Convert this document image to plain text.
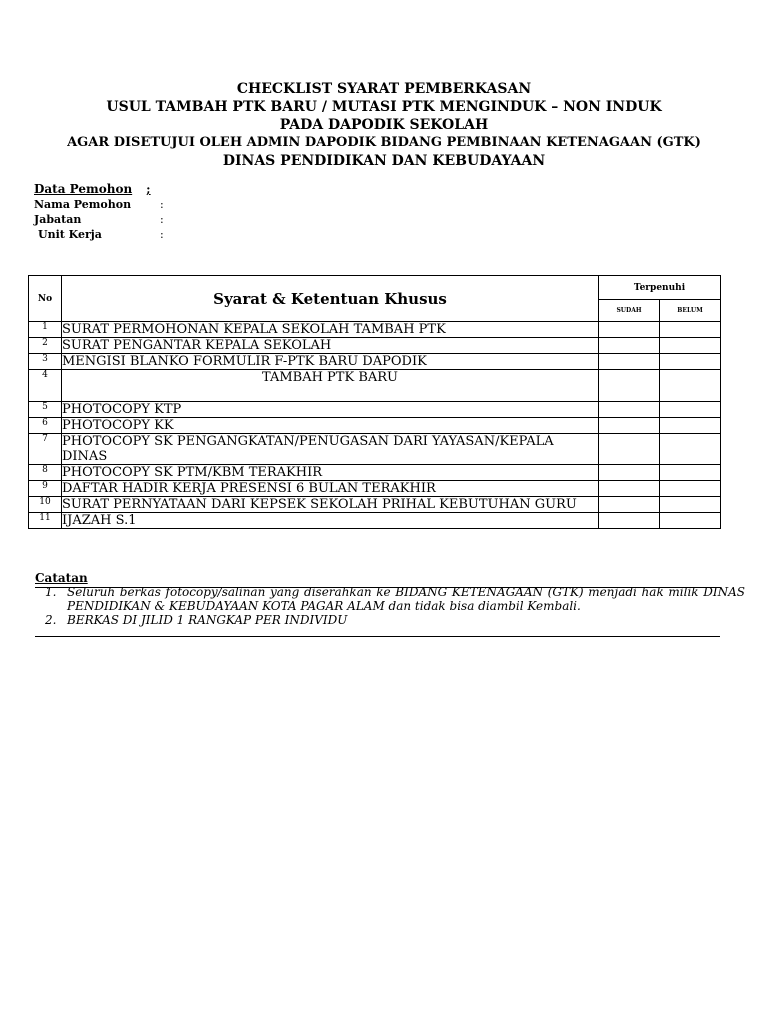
CHECKLIST SYARAT PEMBERKASAN
USUL TAMBAH PTK BARU / MUTASI PTK MENGINDUK – NON INDUK
PADA DAPODIK SEKOLAH
AGAR DISETUJUI OLEH ADMIN DAPODIK BIDANG PEMBINAAN KETENAGAAN (GTK)
DINAS PENDIDIKAN DAN KEBUDAYAAN
Data Pemohon ;
Nama Pemohon	:
Jabatan	:
Unit Kerja	:
No	Syarat & Ketentuan Khusus	Terpenuhi	
		SUDAH	BELUM
1	SURAT PERMOHONAN KEPALA SEKOLAH TAMBAH PTK		
2	SURAT PENGANTAR KEPALA SEKOLAH		
3	MENGISI BLANKO FORMULIR F-PTK BARU DAPODIK		
4	TAMBAH PTK BARU		
5	PHOTOCOPY KTP		
6	PHOTOCOPY KK		
7	PHOTOCOPY SK PENGANGKATAN/PENUGASAN DARI YAYASAN/KEPALA DINAS		
8	PHOTOCOPY SK PTM/KBM TERAKHIR		
9	DAFTAR HADIR KERJA PRESENSI 6 BULAN TERAKHIR		
10	SURAT PERNYATAAN DARI KEPSEK SEKOLAH PRIHAL KEBUTUHAN GURU		
11	IJAZAH S.1		
Catatan
1. Seluruh berkas fotocopy/salinan yang diserahkan ke BIDANG KETENAGAAN (GTK) menjadi hak milik DINAS PENDIDIKAN & KEBUDAYAAN KOTA PAGAR ALAM dan tidak bisa diambil Kembali.
2. BERKAS DI JILID 1 RANGKAP PER INDIVIDU
